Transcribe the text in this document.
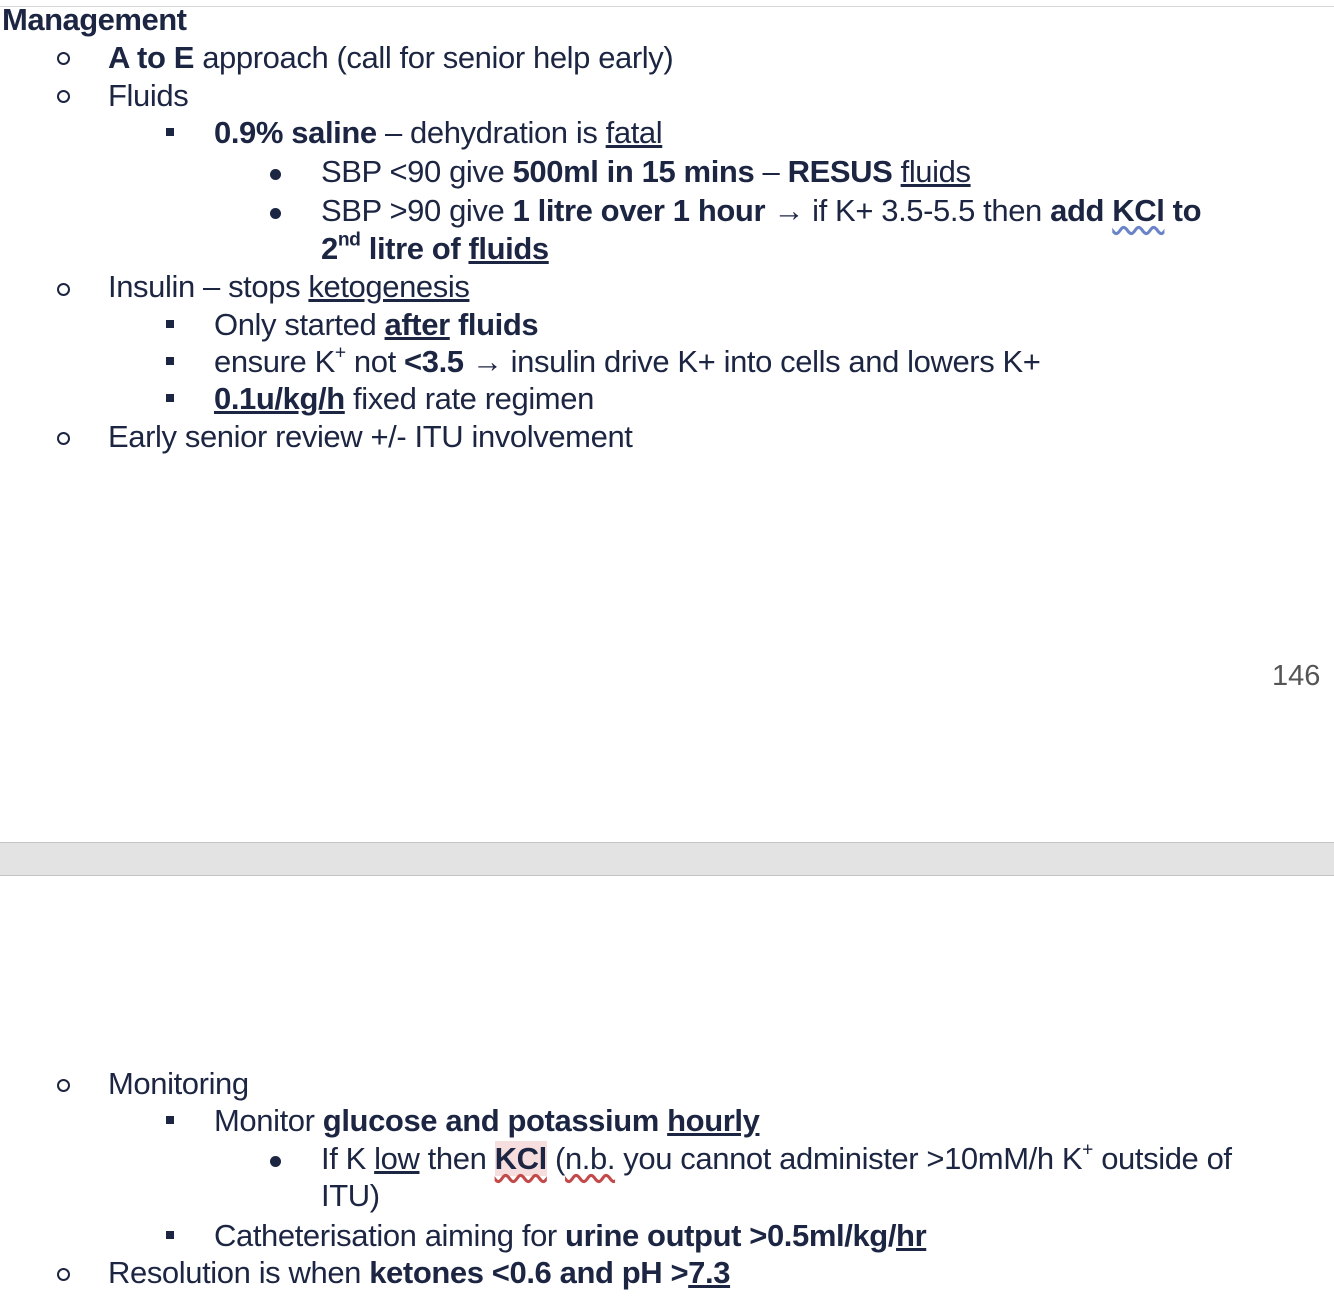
Management
A to E approach (call for senior help early)
Fluids
0.9% saline – dehydration is fatal
SBP <90 give 500ml in 15 mins – RESUS fluids
SBP >90 give 1 litre over 1 hour → if K+ 3.5-5.5 then add KCl to
2nd litre of fluids
Insulin – stops ketogenesis
Only started after fluids
ensure K+ not <3.5 → insulin drive K+ into cells and lowers K+
0.1u/kg/h fixed rate regimen
Early senior review +/- ITU involvement
146
Monitoring
Monitor glucose and potassium hourly
If K low then KCl (n.b. you cannot administer >10mM/h K+ outside of
ITU)
Catheterisation aiming for urine output >0.5ml/kg/hr
Resolution is when ketones <0.6 and pH >7.3
